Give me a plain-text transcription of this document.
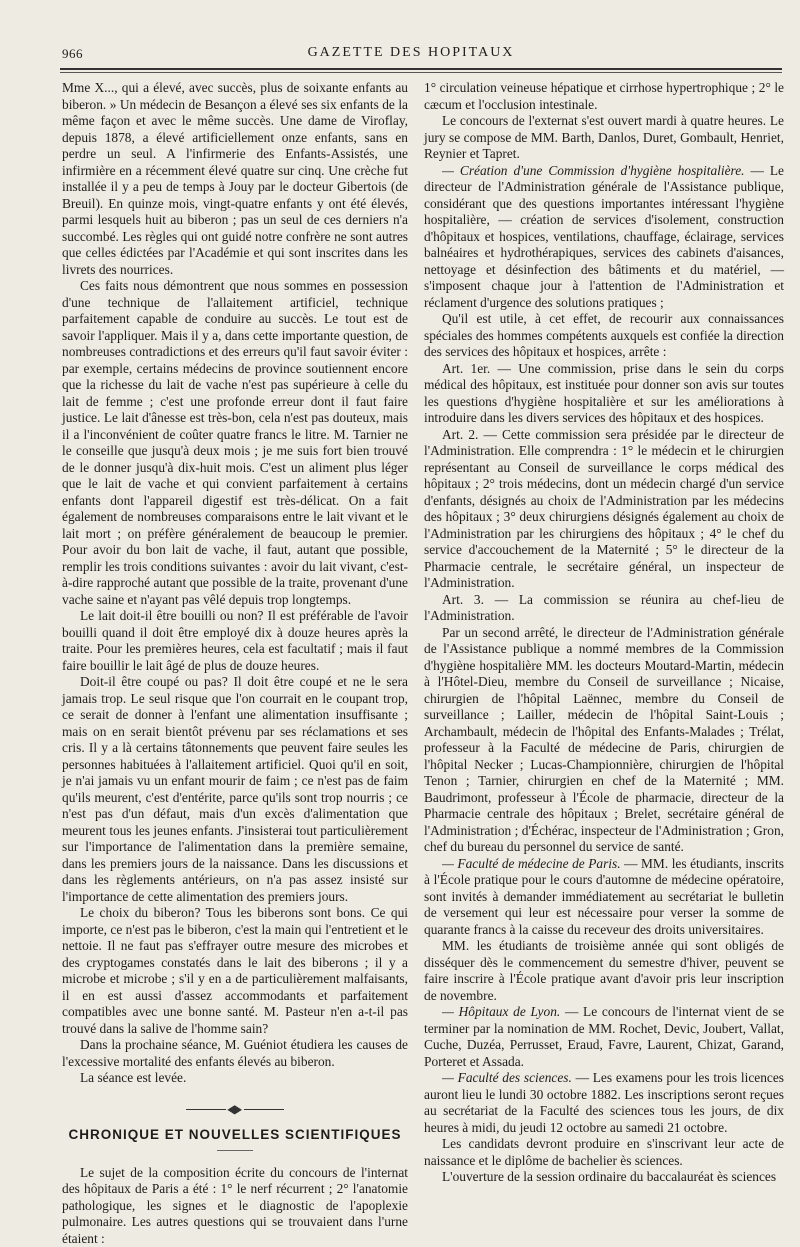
966	GAZETTE DES HOPITAUX

Mme X..., qui a élevé, avec succès, plus de soixante enfants au biberon. » Un médecin de Besançon a élevé ses six enfants de la même façon et avec le même succès. Une dame de Viroflay, depuis 1878, a élevé artificiellement onze enfants, sans en perdre un seul. A l'infirmerie des Enfants-Assistés, une infirmière en a récemment élevé quatre sur cinq. Une crèche fut installée il y a peu de temps à Jouy par le docteur Gibertois (de Breuil). En quinze mois, vingt-quatre enfants y ont été élevés, parmi lesquels huit au biberon ; pas un seul de ces derniers n'a succombé. Les règles qui ont guidé notre confrère ne sont autres que celles édictées par l'Académie et qui sont inscrites dans les livrets des nourrices.

Ces faits nous démontrent que nous sommes en possession d'une technique de l'allaitement artificiel, technique parfaitement capable de conduire au succès. Le tout est de savoir l'appliquer. Mais il y a, dans cette importante question, de nombreuses contradictions et des erreurs qu'il faut savoir éviter : par exemple, certains médecins de province soutiennent encore que la richesse du lait de vache n'est pas supérieure à celle du lait de femme ; c'est une profonde erreur dont il faut faire justice. Le lait d'ânesse est très-bon, cela n'est pas douteux, mais il a l'inconvénient de coûter quatre francs le litre. M. Tarnier ne le conseille que jusqu'à deux mois ; je me suis fort bien trouvé de le donner jusqu'à dix-huit mois. C'est un aliment plus léger que le lait de vache et qui convient parfaitement à certains enfants dont l'appareil digestif est très-délicat. On a fait également de nombreuses comparaisons entre le lait vivant et le lait mort ; on préfère généralement de beaucoup le premier. Pour avoir du bon lait de vache, il faut, autant que possible, remplir les trois conditions suivantes : avoir du lait vivant, c'est-à-dire rapproché autant que possible de la traite, provenant d'une vache saine et n'ayant pas vêlé depuis trop longtemps.

Le lait doit-il être bouilli ou non? Il est préférable de l'avoir bouilli quand il doit être employé dix à douze heures après la traite. Pour les premières heures, cela est facultatif ; mais il faut faire bouillir le lait âgé de plus de douze heures.

Doit-il être coupé ou pas? Il doit être coupé et ne le sera jamais trop. Le seul risque que l'on courrait en le coupant trop, ce serait de donner à l'enfant une alimentation insuffisante ; mais on en serait bientôt prévenu par ses réclamations et ses cris. Il y a là certains tâtonnements que peuvent faire seules les personnes habituées à l'allaitement artificiel. Quoi qu'il en soit, je n'ai jamais vu un enfant mourir de faim ; ce n'est pas de faim qu'ils meurent, c'est d'entérite, parce qu'ils sont trop nourris ; ce n'est pas d'un défaut, mais d'un excès d'alimentation que meurent tous les jeunes enfants. J'insisterai tout particulièrement sur l'importance de l'alimentation dans la première semaine, dans les premiers jours de la naissance. Dans les discussions et dans les règlements antérieurs, on n'a pas assez insisté sur l'importance de cette alimentation des premiers jours.

Le choix du biberon? Tous les biberons sont bons. Ce qui importe, ce n'est pas le biberon, c'est la main qui l'entretient et le nettoie. Il ne faut pas s'effrayer outre mesure des microbes et des cryptogames constatés dans le lait des biberons ; il y a microbe et microbe ; s'il y en a de particulièrement malfaisants, il en est aussi d'assez accommodants et parfaitement compatibles avec une bonne santé. M. Pasteur n'en a-t-il pas trouvé dans la salive de l'homme sain?

Dans la prochaine séance, M. Guéniot étudiera les causes de l'excessive mortalité des enfants élevés au biberon.

La séance est levée.

◆
CHRONIQUE ET NOUVELLES SCIENTIFIQUES

Le sujet de la composition écrite du concours de l'internat des hôpitaux de Paris a été : 1° le nerf récurrent ; 2° l'anatomie pathologique, les signes et le diagnostic de l'apoplexie pulmonaire. Les autres questions qui se trouvaient dans l'urne étaient :

1° circulation veineuse hépatique et cirrhose hypertrophique ; 2° le cæcum et l'occlusion intestinale.

Le concours de l'externat s'est ouvert mardi à quatre heures. Le jury se compose de MM. Barth, Danlos, Duret, Gombault, Henriet, Reynier et Tapret.

— Création d'une Commission d'hygiène hospitalière. — Le directeur de l'Administration générale de l'Assistance publique, considérant que des questions importantes intéressant l'hygiène hospitalière, — création de services d'isolement, construction d'hôpitaux et hospices, ventilations, chauffage, éclairage, services balnéaires et hydrothérapiques, services des cabinets d'aisances, nettoyage et désinfection des bâtiments et du matériel, — s'imposent chaque jour à l'attention de l'Administration et réclament d'urgence des solutions pratiques ;

Qu'il est utile, à cet effet, de recourir aux connaissances spéciales des hommes compétents auxquels est confiée la direction des services des hôpitaux et hospices, arrête :

Art. 1er. — Une commission, prise dans le sein du corps médical des hôpitaux, est instituée pour donner son avis sur toutes les questions d'hygiène hospitalière et sur les améliorations à introduire dans les divers services des hôpitaux et des hospices.

Art. 2. — Cette commission sera présidée par le directeur de l'Administration. Elle comprendra : 1° le médecin et le chirurgien représentant au Conseil de surveillance le corps médical des hôpitaux ; 2° trois médecins, dont un médecin chargé d'un service d'enfants, désignés au choix de l'Administration par les médecins des hôpitaux ; 3° deux chirurgiens désignés également au choix de l'Administration par les chirurgiens des hôpitaux ; 4° le chef du service d'accouchement de la Maternité ; 5° le directeur de la Pharmacie centrale, le secrétaire général, un inspecteur de l'Administration.

Art. 3. — La commission se réunira au chef-lieu de l'Administration.

Par un second arrêté, le directeur de l'Administration générale de l'Assistance publique a nommé membres de la Commission d'hygiène hospitalière MM. les docteurs Moutard-Martin, médecin à l'Hôtel-Dieu, membre du Conseil de surveillance ; Nicaise, chirurgien de l'hôpital Laënnec, membre du Conseil de surveillance ; Lailler, médecin de l'hôpital Saint-Louis ; Archambault, médecin de l'hôpital des Enfants-Malades ; Trélat, professeur à la Faculté de médecine de Paris, chirurgien de l'hôpital Necker ; Lucas-Championnière, chirurgien de l'hôpital Tenon ; Tarnier, chirurgien en chef de la Maternité ; MM. Baudrimont, professeur à l'École de pharmacie, directeur de la Pharmacie centrale des hôpitaux ; Brelet, secrétaire général de l'Administration ; d'Échérac, inspecteur de l'Administration ; Gron, chef du bureau du personnel du service de santé.

— Faculté de médecine de Paris. — MM. les étudiants, inscrits à l'École pratique pour le cours d'automne de médecine opératoire, sont invités à demander immédiatement au secrétariat le bulletin de versement qui leur est nécessaire pour verser la somme de quarante francs à la caisse du receveur des droits universitaires.

MM. les étudiants de troisième année qui sont obligés de disséquer dès le commencement du semestre d'hiver, peuvent se faire inscrire à l'École pratique avant d'avoir pris leur inscription de novembre.

— Hôpitaux de Lyon. — Le concours de l'internat vient de se terminer par la nomination de MM. Rochet, Devic, Joubert, Vallat, Cuche, Duzéa, Perrusset, Eraud, Favre, Laurent, Chizat, Garand, Porteret et Assada.

— Faculté des sciences. — Les examens pour les trois licences auront lieu le lundi 30 octobre 1882. Les inscriptions seront reçues au secrétariat de la Faculté des sciences tous les jours, de dix heures à midi, du jeudi 12 octobre au samedi 21 octobre.

Les candidats devront produire en s'inscrivant leur acte de naissance et le diplôme de bachelier ès sciences.

L'ouverture de la session ordinaire du baccalauréat ès sciences
